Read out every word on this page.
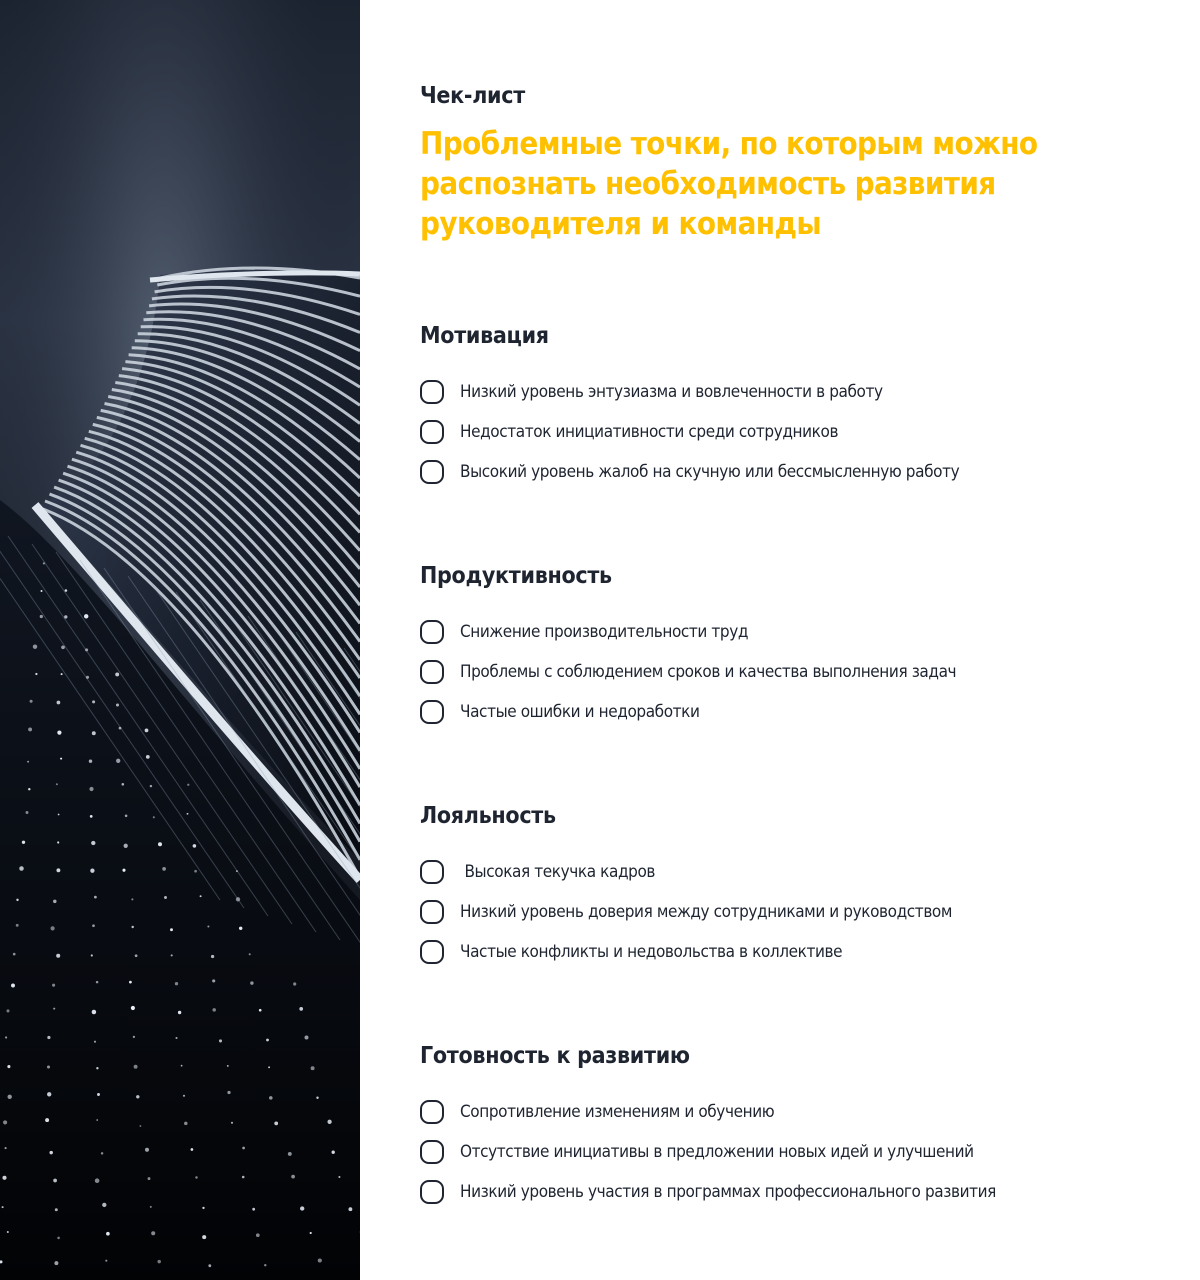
Чек-лист

Проблемные точки, по которым можно распознать необходимость развития руководителя и команды
Мотивация
Низкий уровень энтузиазма и вовлеченности в работу
Недостаток инициативности среди сотрудников
Высокий уровень жалоб на скучную или бессмысленную работу
Продуктивность
Снижение производительности труд
Проблемы с соблюдением сроков и качества выполнения задач
Частые ошибки и недоработки
Лояльность
Высокая текучка кадров
Низкий уровень доверия между сотрудниками и руководством
Частые конфликты и недовольства в коллективе
Готовность к развитию
Сопротивление изменениям и обучению
Отсутствие инициативы в предложении новых идей и улучшений
Низкий уровень участия в программах профессионального развития
